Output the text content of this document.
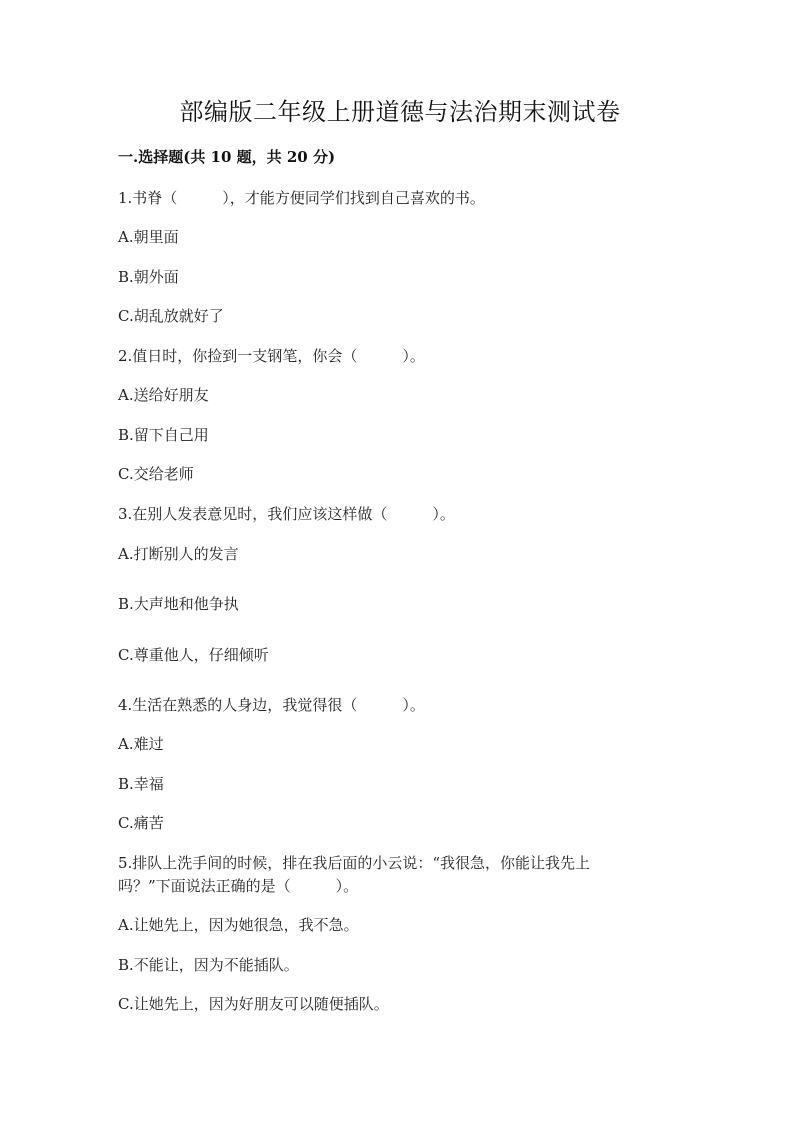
部编版二年级上册道德与法治期末测试卷
一.选择题(共 10 题，共 20 分)
1.书脊（　　　），才能方便同学们找到自己喜欢的书。
A.朝里面
B.朝外面
C.胡乱放就好了
2.值日时，你捡到一支钢笔，你会（　　　）。
A.送给好朋友
B.留下自己用
C.交给老师
3.在别人发表意见时，我们应该这样做（　　　）。
A.打断别人的发言
B.大声地和他争执
C.尊重他人，仔细倾听
4.生活在熟悉的人身边，我觉得很（　　　）。
A.难过
B.幸福
C.痛苦
5.排队上洗手间的时候，排在我后面的小云说：“我很急，你能让我先上
吗？”下面说法正确的是（　　　）。
A.让她先上，因为她很急，我不急。
B.不能让，因为不能插队。
C.让她先上，因为好朋友可以随便插队。
